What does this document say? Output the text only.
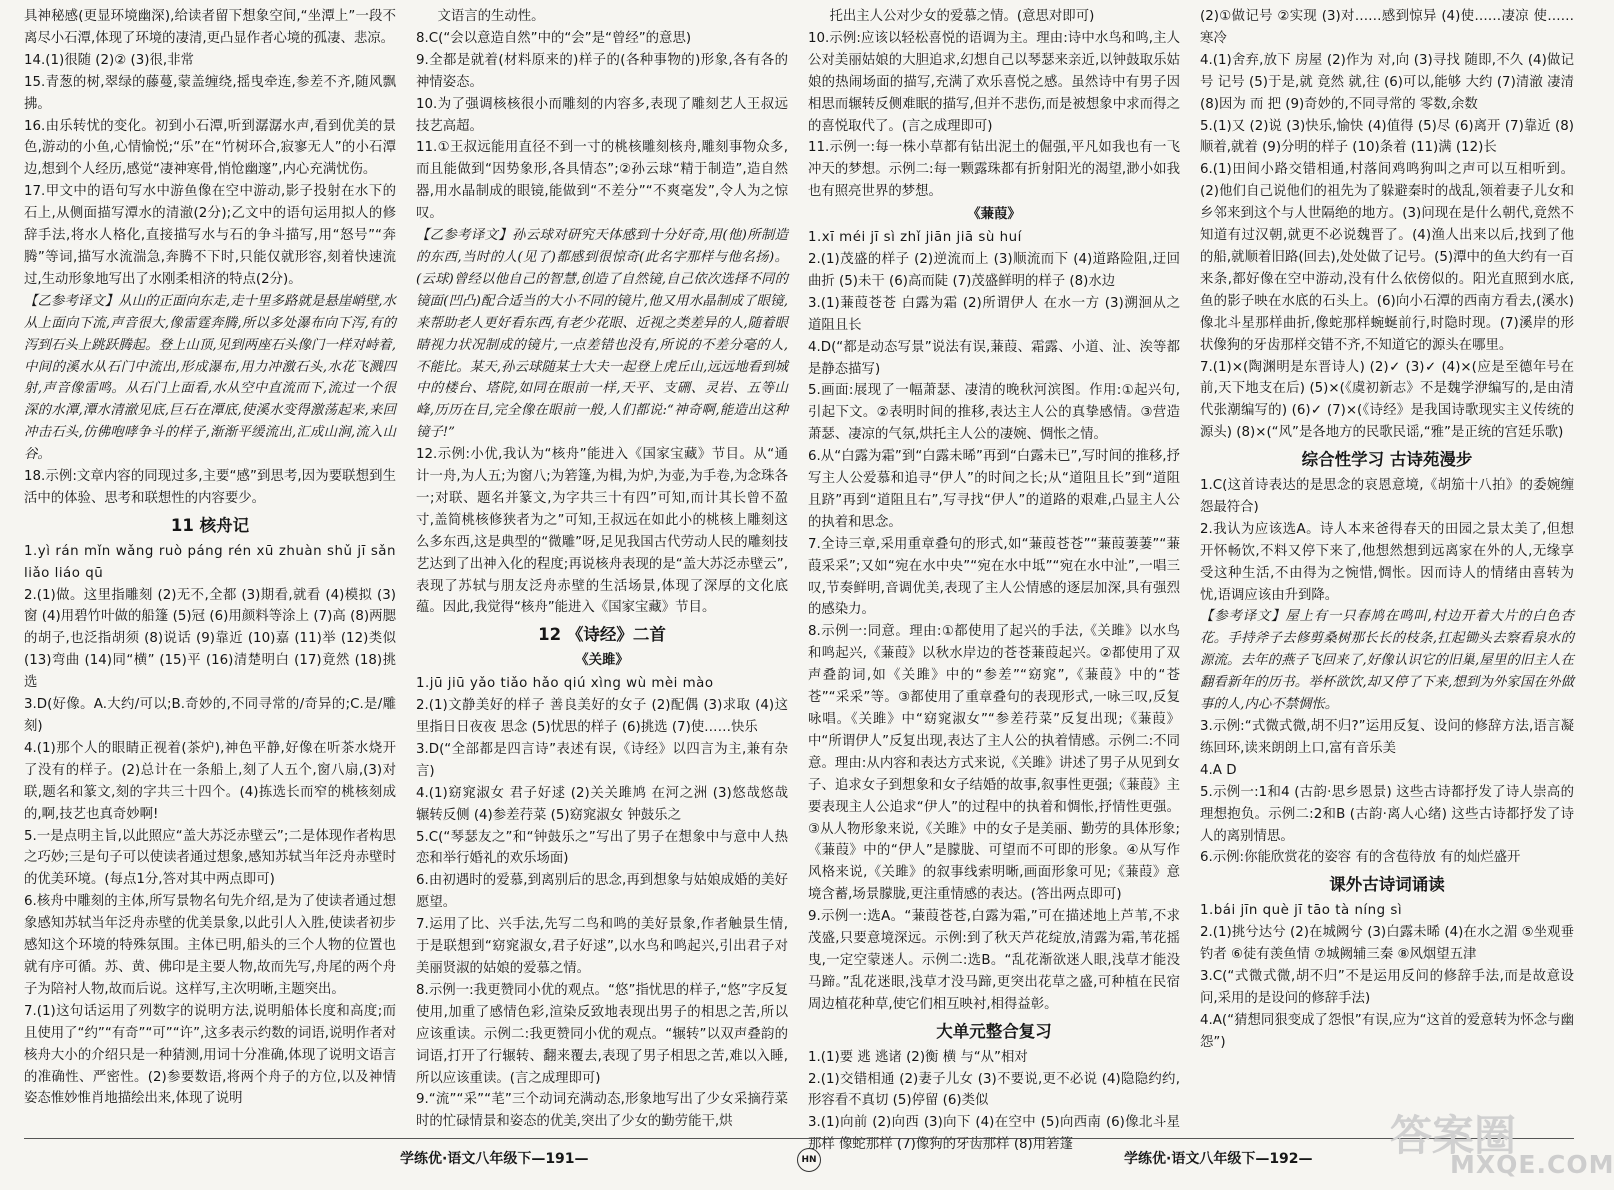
具神秘感(更显环境幽深),给读者留下想象空间,“坐潭上”一段不离尽小石潭,体现了环境的凄清,更凸显作者心境的孤凄、悲凉。

14.(1)很随 (2)② (3)很,非常

15.青葱的树,翠绿的藤蔓,蒙盖缠绕,摇曳牵连,参差不齐,随风飘拂。

16.由乐转忧的变化。初到小石潭,听到潺潺水声,看到优美的景色,游动的小鱼,心情愉悦;“乐”在“竹树环合,寂寥无人”的小石潭边,想到个人经历,感觉“凄神寒骨,悄怆幽邃”,内心充满忧伤。

17.甲文中的语句写水中游鱼像在空中游动,影子投射在水下的石上,从侧面描写潭水的清澈(2分);乙文中的语句运用拟人的修辞手法,将水人格化,直接描写水与石的争斗描写,用“怒号”“奔腾”等词,描写水流湍急,奔腾不下时,只能仅就形容,刻着快速流过,生动形象地写出了水刚柔相济的特点(2分)。

【乙参考译文】从山的正面向东走,走十里多路就是悬崖峭壁,水从上面向下流,声音很大,像雷霆奔腾,所以多处瀑布向下泻,有的泻到石头上跳跃腾起。登上山顶,见到两座石头像门一样对峙着,中间的溪水从石门中流出,形成瀑布,用力冲激石头,水花飞溅四射,声音像雷鸣。从石门上面看,水从空中直流而下,流过一个很深的水潭,潭水清澈见底,巨石在潭底,使溪水变得激荡起来,来回冲击石头,仿佛咆哮争斗的样子,渐渐平缓流出,汇成山涧,流入山谷。

18.示例:文章内容的同现过多,主要“感”到思考,因为要联想到生活中的体验、思考和联想性的内容要少。

11 核舟记

1.yì rán mǐn wǎng ruò páng rén xū zhuàn shǔ jī sǎn liǎo liáo qū

2.(1)做。这里指雕刻 (2)无不,全都 (3)期看,就看 (4)模拟 (3)窗 (4)用碧竹叶做的船篷 (5)冠 (6)用颜料等涂上 (7)高 (8)两腮的胡子,也泛指胡须 (8)说话 (9)靠近 (10)嘉 (11)举 (12)类似 (13)弯曲 (14)同“横” (15)平 (16)清楚明白 (17)竟然 (18)挑选

3.D(好像。A.大约/可以;B.奇妙的,不同寻常的/奇异的;C.是/雕刻)

4.(1)那个人的眼睛正视着(茶炉),神色平静,好像在听茶水烧开了没有的样子。(2)总计在一条船上,刻了人五个,窗八扇,(3)对联,题名和篆文,刻的字共三十四个。(4)拣选长而窄的桃核刻成的,啊,技艺也真奇妙啊!

5.一是点明主旨,以此照应“盖大苏泛赤壁云”;二是体现作者构思之巧妙;三是句子可以使读者通过想象,感知苏轼当年泛舟赤壁时的优美环境。(每点1分,答对其中两点即可)

6.核舟中雕刻的主体,所写景物名句先介绍,是为了使读者通过想象感知苏轼当年泛舟赤壁的优美景象,以此引人入胜,使读者初步感知这个环境的特殊氛围。主体已明,船头的三个人物的位置也就有序可循。苏、黄、佛印是主要人物,故而先写,舟尾的两个舟子为陪衬人物,故而后说。这样写,主次明晰,主题突出。

7.(1)这句话运用了列数字的说明方法,说明船体长度和高度;而且使用了“约”“有奇”“可”“许”,这多表示约数的词语,说明作者对核舟大小的介绍只是一种猜测,用词十分准确,体现了说明文语言的准确性、严密性。(2)参要数语,将两个舟子的方位,以及神情姿态惟妙惟肖地描绘出来,体现了说明

文语言的生动性。

8.C(“会以意造自然”中的“会”是“曾经”的意思)

9.全都是就着(材料原来的)样子的(各种事物的)形象,各有各的神情姿态。

10.为了强调核核很小而雕刻的内容多,表现了雕刻艺人王叔远技艺高超。

11.①王叔远能用直径不到一寸的桃核雕刻核舟,雕刻事物众多,而且能做到“因势象形,各具情态”;②孙云球“精于制造”,造自然器,用水晶制成的眼镜,能做到“不差分”“不爽毫发”,令人为之惊叹。

【乙参考译文】孙云球对研究天体感到十分好奇,用(他)所制造的东西,当时的人(见了)都感到很惊奇(此名字那样与他名扬)。(云球)曾经以他自己的智慧,创造了自然镜,自己依次选择不同的镜面(凹凸)配合适当的大小不同的镜片,他又用水晶制成了眼镜,来帮助老人更好看东西,有老少花眼、近视之类差异的人,随着眼睛视力状况制成的镜片,一点差错也没有,所说的不差分毫的人,不能比。某天,孙云球随某士大夫一起登上虎丘山,远远地看到城中的楼台、塔院,如同在眼前一样,天平、支硎、灵岩、五等山峰,历历在目,完全像在眼前一般,人们都说:“神奇啊,能造出这种镜子!”

12.示例:小优,我认为“核舟”能进入《国家宝藏》节目。从“通计一舟,为人五;为窗八;为箬篷,为楫,为炉,为壶,为手卷,为念珠各一;对联、题名并篆文,为字共三十有四”可知,而计其长曾不盈寸,盖简桃核修狭者为之”可知,王叔远在如此小的桃核上雕刻这么多东西,这是典型的“微雕”呀,足见我国古代劳动人民的雕刻技艺达到了出神入化的程度;再说核舟表现的是“盖大苏泛赤壁云”,表现了苏轼与朋友泛舟赤壁的生活场景,体现了深厚的文化底蕴。因此,我觉得“核舟”能进入《国家宝藏》节目。

12 《诗经》二首

《关雎》

1.jū jiū yǎo tiǎo hǎo qiú xìng wù mèi mào

2.(1)文静美好的样子 善良美好的女子 (2)配偶 (3)求取 (4)这里指日日夜夜 思念 (5)忧思的样子 (6)挑选 (7)使……快乐

3.D(“全部都是四言诗”表述有误,《诗经》以四言为主,兼有杂言)

4.(1)窈窕淑女 君子好逑 (2)关关雎鸠 在河之洲 (3)悠哉悠哉 辗转反侧 (4)参差荇菜 (5)窈窕淑女 钟鼓乐之

5.C(“琴瑟友之”和“钟鼓乐之”写出了男子在想象中与意中人热恋和举行婚礼的欢乐场面)

6.由初遇时的爱慕,到离别后的思念,再到想象与姑娘成婚的美好愿望。

7.运用了比、兴手法,先写二鸟和鸣的美好景象,作者触景生情,于是联想到“窈窕淑女,君子好逑”,以水鸟和鸣起兴,引出君子对美丽贤淑的姑娘的爱慕之情。

8.示例一:我更赞同小优的观点。“悠”指忧思的样子,“悠”字反复使用,加重了感情色彩,渲染反致地表现出男子的相思之苦,所以应该重读。示例二:我更赞同小优的观点。“辗转”以双声叠韵的词语,打开了行辗转、翻来覆去,表现了男子相思之苦,难以入睡,所以应该重读。(言之成理即可)

9.“流”“采”“芼”三个动词充满动态,形象地写出了少女采摘荇菜时的忙碌情景和姿态的优美,突出了少女的勤劳能干,烘

托出主人公对少女的爱慕之情。(意思对即可)

10.示例:应该以轻松喜悦的语调为主。理由:诗中水鸟和鸣,主人公对美丽姑娘的大胆追求,幻想自己以琴瑟来亲近,以钟鼓取乐姑娘的热闹场面的描写,充满了欢乐喜悦之感。虽然诗中有男子因相思而辗转反侧难眠的描写,但并不悲伤,而是被想象中求而得之的喜悦取代了。(言之成理即可)

11.示例一:每一株小草都有钻出泥土的倔强,平凡如我也有一飞冲天的梦想。示例二:每一颗露珠都有折射阳光的渴望,渺小如我也有照亮世界的梦想。

《蒹葭》

1.xī méi jī sì zhǐ jiān jiā sù huí

2.(1)茂盛的样子 (2)逆流而上 (3)顺流而下 (4)道路险阻,迂回曲折 (5)未干 (6)高而陡 (7)茂盛鲜明的样子 (8)水边

3.(1)蒹葭苍苍 白露为霜 (2)所谓伊人 在水一方 (3)溯洄从之 道阻且长

4.D(“都是动态写景”说法有误,蒹葭、霜露、小道、沚、涘等都是静态描写)

5.画面:展现了一幅萧瑟、凄清的晚秋河滨图。作用:①起兴句,引起下文。②表明时间的推移,表达主人公的真挚感情。③营造萧瑟、凄凉的气氛,烘托主人公的凄婉、惆怅之情。

6.从“白露为霜”到“白露未晞”再到“白露未已”,写时间的推移,抒写主人公爱慕和追寻“伊人”的时间之长;从“道阻且长”到“道阻且跻”再到“道阻且右”,写寻找“伊人”的道路的艰难,凸显主人公的执着和思念。

7.全诗三章,采用重章叠句的形式,如“蒹葭苍苍”“蒹葭萋萋”“蒹葭采采”;又如“宛在水中央”“宛在水中坻”“宛在水中沚”,一唱三叹,节奏鲜明,音调优美,表现了主人公情感的逐层加深,具有强烈的感染力。

8.示例一:同意。理由:①都使用了起兴的手法,《关雎》以水鸟和鸣起兴,《蒹葭》以秋水岸边的苍苍蒹葭起兴。②都使用了双声叠韵词,如《关雎》中的“参差”“窈窕”,《蒹葭》中的“苍苍”“采采”等。③都使用了重章叠句的表现形式,一咏三叹,反复咏唱。《关雎》中“窈窕淑女”“参差荇菜”反复出现;《蒹葭》中“所谓伊人”反复出现,表达了主人公的执着情感。示例二:不同意。理由:从内容和表达方式来说,《关雎》讲述了男子从见到女子、追求女子到想象和女子结婚的故事,叙事性更强;《蒹葭》主要表现主人公追求“伊人”的过程中的执着和惆怅,抒情性更强。③从人物形象来说,《关雎》中的女子是美丽、勤劳的具体形象;《蒹葭》中的“伊人”是朦胧、可望而不可即的形象。④从写作风格来说,《关雎》的叙事线索明晰,画面形象可见;《蒹葭》意境含蓄,场景朦胧,更注重情感的表达。(答出两点即可)

9.示例一:选A。“蒹葭苍苍,白露为霜,”可在描述地上芦苇,不求茂盛,只要意境深远。示例:到了秋天芦花绽放,清露为霜,苇花摇曳,一定空蒙迷人。示例二:选B。“乱花渐欲迷人眼,浅草才能没马蹄。”乱花迷眼,浅草才没马蹄,更突出花草之盛,可种植在民宿周边植花种草,使它们相互映衬,相得益彰。

大单元整合复习

1.(1)要 逃 逃诸 (2)衡 横 与“从”相对

2.(1)交错相通 (2)妻子儿女 (3)不要说,更不必说 (4)隐隐约约,形容看不真切 (5)停留 (6)类似

3.(1)向前 (2)向西 (3)向下 (4)在空中 (5)向西南 (6)像北斗星那样 像蛇那样 (7)像狗的牙齿那样 (8)用箬篷

(2)①做记号 ②实现 (3)对……感到惊异 (4)使……凄凉 使……寒冷

4.(1)舍弃,放下 房屋 (2)作为 对,向 (3)寻找 随即,不久 (4)做记号 记号 (5)于是,就 竟然 就,往 (6)可以,能够 大约 (7)清澈 凄清 (8)因为 而 把 (9)奇妙的,不同寻常的 零数,余数

5.(1)又 (2)说 (3)快乐,愉快 (4)值得 (5)尽 (6)离开 (7)靠近 (8)顺着,就着 (9)分明的样子 (10)条着 (11)满 (12)长

6.(1)田间小路交错相通,村落间鸡鸣狗叫之声可以互相听到。(2)他们自己说他们的祖先为了躲避秦时的战乱,领着妻子儿女和乡邻来到这个与人世隔绝的地方。(3)问现在是什么朝代,竟然不知道有过汉朝,就更不必说魏晋了。(4)渔人出来以后,找到了他的船,就顺着旧路(回去),处处做了记号。(5)潭中的鱼大约有一百来条,都好像在空中游动,没有什么依傍似的。阳光直照到水底,鱼的影子映在水底的石头上。(6)向小石潭的西南方看去,(溪水)像北斗星那样曲折,像蛇那样蜿蜒前行,时隐时现。(7)溪岸的形状像狗的牙齿那样交错不齐,不知道它的源头在哪里。

7.(1)×(陶渊明是东晋诗人) (2)✓ (3)✓ (4)×(应是至德年号在前,天下地支在后) (5)×(《虞初新志》不是魏学洢编写的,是由清代张潮编写的) (6)✓ (7)×(《诗经》是我国诗歌现实主义传统的源头) (8)×(“风”是各地方的民歌民谣,“雅”是正统的宫廷乐歌)

综合性学习 古诗苑漫步

1.C(这首诗表达的是思念的哀恩意境,《胡笳十八拍》的委婉缠怨最符合)

2.我认为应该选A。诗人本来爸得春天的田园之景太美了,但想开怀畅饮,不料又停下来了,他想然想到远离家在外的人,无缘享受这种生活,不由得为之惋惜,惆怅。因而诗人的情绪由喜转为忧,语调应该由升到降。

【参考译文】屋上有一只春鸠在鸣叫,村边开着大片的白色杏花。手持斧子去修剪桑树那长长的枝条,扛起锄头去察看泉水的源流。去年的燕子飞回来了,好像认识它的旧巢,屋里的旧主人在翻看新年的历书。举杯欲饮,却又停了下来,想到为外家国在外做事的人,内心不禁惆怅。

3.示例:“式微式微,胡不归?”运用反复、设问的修辞方法,语言凝练回环,读来朗朗上口,富有音乐美

4.A D

5.示例一:1和4 (古韵·思乡恩景) 这些古诗都抒发了诗人崇高的理想抱负。示例二:2和B (古韵·离人心绪) 这些古诗都抒发了诗人的离别情思。

6.示例:你能欣赏花的姿容 有的含苞待放 有的灿烂盛开

课外古诗词诵读

1.bái jīn què jī tāo tà níng sì

2.(1)挑兮达兮 (2)在城阙兮 (3)白露未晞 (4)在水之湄 ⑤坐观垂钓者 ⑥徒有羡鱼情 ⑦城阙辅三秦 ⑧风烟望五津

3.C(“式微式微,胡不归”不是运用反问的修辞手法,而是故意设问,采用的是设问的修辞手法)

4.A(“猜想同狠变成了怨恨”有误,应为“这首的爱意转为怀念与幽怨”)

学练优·语文八年级下—191—	HN	学练优·语文八年级下—192— 答案圈
MXQE.COM
